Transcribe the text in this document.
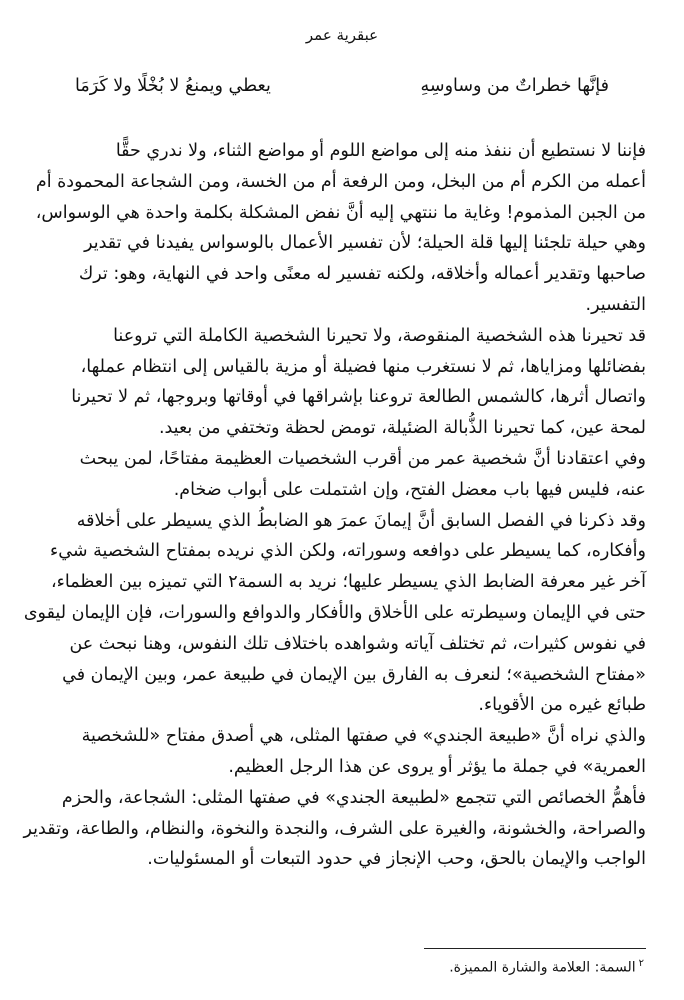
عبقرية عمر
فإنَّها خطراتٌ من وساوسِهِ
يعطي ويمنعُ لا بُخْلًا ولا كَرَمَا

فإننا لا نستطيع أن ننفذ منه إلى مواضع اللوم أو مواضع الثناء، ولا ندري حقًّا
أعمله من الكرم أم من البخل، ومن الرفعة أم من الخسة، ومن الشجاعة المحمودة أم
من الجبن المذموم! وغاية ما ننتهي إليه أنَّ نفض المشكلة بكلمة واحدة هي الوسواس،
وهي حيلة تلجئنا إليها قلة الحيلة؛ لأن تفسير الأعمال بالوسواس يفيدنا في تقدير
صاحبها وتقدير أعماله وأخلاقه، ولكنه تفسير له معنًى واحد في النهاية، وهو: ترك
التفسير.

قد تحيرنا هذه الشخصية المنقوصة، ولا تحيرنا الشخصية الكاملة التي تروعنا
بفضائلها ومزاياها، ثم لا نستغرب منها فضيلة أو مزية بالقياس إلى انتظام عملها،
واتصال أثرها، كالشمس الطالعة تروعنا بإشراقها في أوقاتها وبروجها، ثم لا تحيرنا
لمحة عين، كما تحيرنا الذُّبالة الضئيلة، تومض لحظة وتختفي من بعيد.

وفي اعتقادنا أنَّ شخصية عمر من أقرب الشخصيات العظيمة مفتاحًا، لمن يبحث
عنه، فليس فيها باب معضل الفتح، وإن اشتملت على أبواب ضخام.

وقد ذكرنا في الفصل السابق أنَّ إيمانَ عمرَ هو الضابطُ الذي يسيطر على أخلاقه
وأفكاره، كما يسيطر على دوافعه وسوراته، ولكن الذي نريده بمفتاح الشخصية شيء
آخر غير معرفة الضابط الذي يسيطر عليها؛ نريد به السمة٢ التي تميزه بين العظماء،
حتى في الإيمان وسيطرته على الأخلاق والأفكار والدوافع والسورات، فإن الإيمان ليقوى
في نفوس كثيرات، ثم تختلف آياته وشواهده باختلاف تلك النفوس، وهنا نبحث عن
«مفتاح الشخصية»؛ لنعرف به الفارق بين الإيمان في طبيعة عمر، وبين الإيمان في
طبائع غيره من الأقوياء.

والذي نراه أنَّ «طبيعة الجندي» في صفتها المثلى، هي أصدق مفتاح «للشخصية
العمرية» في جملة ما يؤثر أو يروى عن هذا الرجل العظيم.

فأهمُّ الخصائص التي تتجمع «لطبيعة الجندي» في صفتها المثلى: الشجاعة، والحزم
والصراحة، والخشونة، والغيرة على الشرف، والنجدة والنخوة، والنظام، والطاعة، وتقدير
الواجب والإيمان بالحق، وحب الإنجاز في حدود التبعات أو المسئوليات.

$^٢$السمة: العلامة والشارة المميزة.
